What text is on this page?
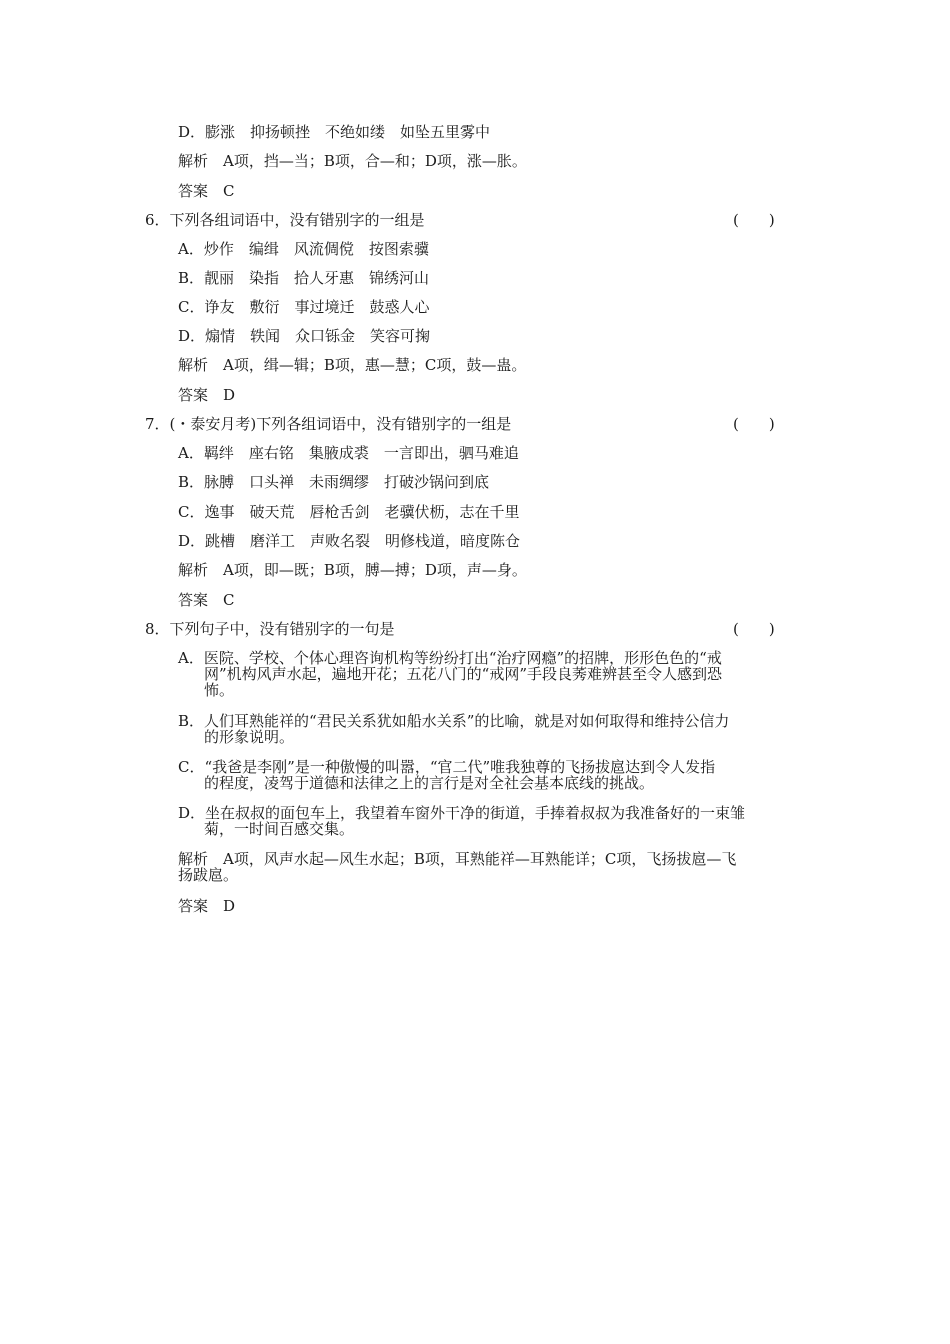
D．膨涨　抑扬顿挫　不绝如缕　如坠五里雾中
解析　A项，挡—当；B项，合—和；D项，涨—胀。
答案　C
6．下列各组词语中，没有错别字的一组是	(　　)
A．炒作　编缉　风流倜傥　按图索骥
B．靓丽　染指　拾人牙惠　锦绣河山
C．诤友　敷衍　事过境迁　鼓惑人心
D．煽情　轶闻　众口铄金　笑容可掬
解析　A项，缉—辑；B项，惠—慧；C项，鼓—蛊。
答案　D
7．(・泰安月考)下列各组词语中，没有错别字的一组是	(　　)
A．羁绊　座右铭　集腋成裘　一言即出，驷马难追
B．脉膊　口头禅　未雨绸缪　打破沙锅问到底
C．逸事　破天荒　唇枪舌剑　老骥伏枥，志在千里
D．跳槽　磨洋工　声败名裂　明修栈道，暗度陈仓
解析　A项，即—既；B项，膊—搏；D项，声—身。
答案　C
8．下列句子中，没有错别字的一句是	(　　)
A．医院、学校、个体心理咨询机构等纷纷打出“治疗网瘾”的招牌，形形色色的“戒
网”机构风声水起，遍地开花；五花八门的“戒网”手段良莠难辨甚至令人感到恐
怖。
B．人们耳熟能祥的“君民关系犹如船水关系”的比喻，就是对如何取得和维持公信力
的形象说明。
C．“我爸是李刚”是一种傲慢的叫嚣，“官二代”唯我独尊的飞扬拔扈达到令人发指
的程度，凌驾于道德和法律之上的言行是对全社会基本底线的挑战。
D．坐在叔叔的面包车上，我望着车窗外干净的街道，手捧着叔叔为我准备好的一束雏
菊，一时间百感交集。
解析　A项，风声水起—风生水起；B项，耳熟能祥—耳熟能详；C项，飞扬拔扈—飞
扬跋扈。
答案　D
